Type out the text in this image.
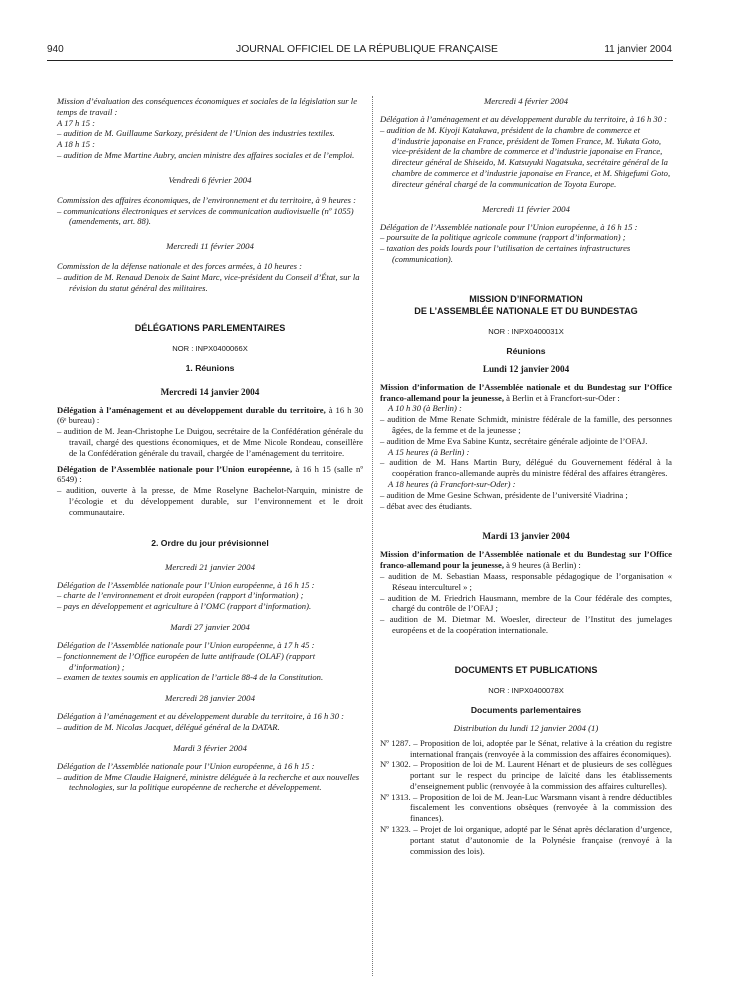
940	JOURNAL OFFICIEL DE LA RÉPUBLIQUE FRANÇAISE	11 janvier 2004

Mission d’évaluation des conséquences économiques et sociales de la législation sur le temps de travail :

A 17 h 15 :

– audition de M. Guillaume Sarkozy, président de l’Union des industries textiles.

A 18 h 15 :

– audition de Mme Martine Aubry, ancien ministre des affaires sociales et de l’emploi.

Vendredi 6 février 2004

Commission des affaires économiques, de l’environnement et du territoire, à 9 heures :

– communications électroniques et services de communication audiovisuelle (nº 1055) (amendements, art. 88).

Mercredi 11 février 2004

Commission de la défense nationale et des forces armées, à 10 heures :

– audition de M. Renaud Denoix de Saint Marc, vice-président du Conseil d’État, sur la révision du statut général des militaires.

DÉLÉGATIONS PARLEMENTAIRES

NOR : INPX0400066X

1. Réunions

Mercredi 14 janvier 2004

Délégation à l’aménagement et au développement durable du territoire, à 16 h 30 (6ᵉ bureau) :

– audition de M. Jean-Christophe Le Duigou, secrétaire de la Confédération générale du travail, chargé des questions économiques, et de Mme Nicole Rondeau, conseillère de la Confédération générale du travail, chargée de l’aménagement du territoire.

Délégation de l’Assemblée nationale pour l’Union européenne, à 16 h 15 (salle nº 6549) :

– audition, ouverte à la presse, de Mme Roselyne Bachelot-Narquin, ministre de l’écologie et du développement durable, sur l’environnement et le droit communautaire.

2. Ordre du jour prévisionnel

Mercredi 21 janvier 2004

Délégation de l’Assemblée nationale pour l’Union européenne, à 16 h 15 :

– charte de l’environnement et droit européen (rapport d’information) ;

– pays en développement et agriculture à l’OMC (rapport d’information).

Mardi 27 janvier 2004

Délégation de l’Assemblée nationale pour l’Union européenne, à 17 h 45 :

– fonctionnement de l’Office européen de lutte antifraude (OLAF) (rapport d’information) ;

– examen de textes soumis en application de l’article 88-4 de la Constitution.

Mercredi 28 janvier 2004

Délégation à l’aménagement et au développement durable du territoire, à 16 h 30 :

– audition de M. Nicolas Jacquet, délégué général de la DATAR.

Mardi 3 février 2004

Délégation de l’Assemblée nationale pour l’Union européenne, à 16 h 15 :

– audition de Mme Claudie Haigneré, ministre déléguée à la recherche et aux nouvelles technologies, sur la politique européenne de recherche et développement.

Mercredi 4 février 2004

Délégation à l’aménagement et au développement durable du territoire, à 16 h 30 :

– audition de M. Kiyoji Katakawa, président de la chambre de commerce et d’industrie japonaise en France, président de Tomen France, M. Yukata Goto, vice-président de la chambre de commerce et d’industrie japonaise en France, directeur général de Shiseido, M. Katsuyuki Nagatsuka, secrétaire général de la chambre de commerce et d’industrie japonaise en France, et M. Shigefumi Goto, directeur général chargé de la communication de Toyota Europe.

Mercredi 11 février 2004

Délégation de l’Assemblée nationale pour l’Union européenne, à 16 h 15 :

– poursuite de la politique agricole commune (rapport d’information) ;

– taxation des poids lourds pour l’utilisation de certaines infrastructures (communication).

MISSION D’INFORMATION

DE L’ASSEMBLÉE NATIONALE ET DU BUNDESTAG

NOR : INPX0400031X

Réunions

Lundi 12 janvier 2004

Mission d’information de l’Assemblée nationale et du Bundestag sur l’Office franco-allemand pour la jeunesse, à Berlin et à Francfort-sur-Oder :

A 10 h 30 (à Berlin) :

– audition de Mme Renate Schmidt, ministre fédérale de la famille, des personnes âgées, de la femme et de la jeunesse ;

– audition de Mme Eva Sabine Kuntz, secrétaire générale adjointe de l’OFAJ.

A 15 heures (à Berlin) :

– audition de M. Hans Martin Bury, délégué du Gouvernement fédéral à la coopération franco-allemande auprès du ministre fédéral des affaires étrangères.

A 18 heures (à Francfort-sur-Oder) :

– audition de Mme Gesine Schwan, présidente de l’université Viadrina ;

– débat avec des étudiants.

Mardi 13 janvier 2004

Mission d’information de l’Assemblée nationale et du Bundestag sur l’Office franco-allemand pour la jeunesse, à 9 heures (à Berlin) :

– audition de M. Sebastian Maass, responsable pédagogique de l’organisation « Réseau interculturel » ;

– audition de M. Friedrich Hausmann, membre de la Cour fédérale des comptes, chargé du contrôle de l’OFAJ ;

– audition de M. Dietmar M. Woesler, directeur de l’Institut des jumelages européens et de la coopération internationale.

DOCUMENTS ET PUBLICATIONS

NOR : INPX0400078X

Documents parlementaires

Distribution du lundi 12 janvier 2004 (1)

Nº 1287. – Proposition de loi, adoptée par le Sénat, relative à la création du registre international français (renvoyée à la commission des affaires économiques).

Nº 1302. – Proposition de loi de M. Laurent Hénart et de plusieurs de ses collègues portant sur le respect du principe de laïcité dans les établissements d’enseignement public (renvoyée à la commission des affaires culturelles).

Nº 1313. – Proposition de loi de M. Jean-Luc Warsmann visant à rendre déductibles fiscalement les conventions obsèques (renvoyée à la commission des finances).

Nº 1323. – Projet de loi organique, adopté par le Sénat après déclaration d’urgence, portant statut d’autonomie de la Polynésie française (renvoyé à la commission des lois).
